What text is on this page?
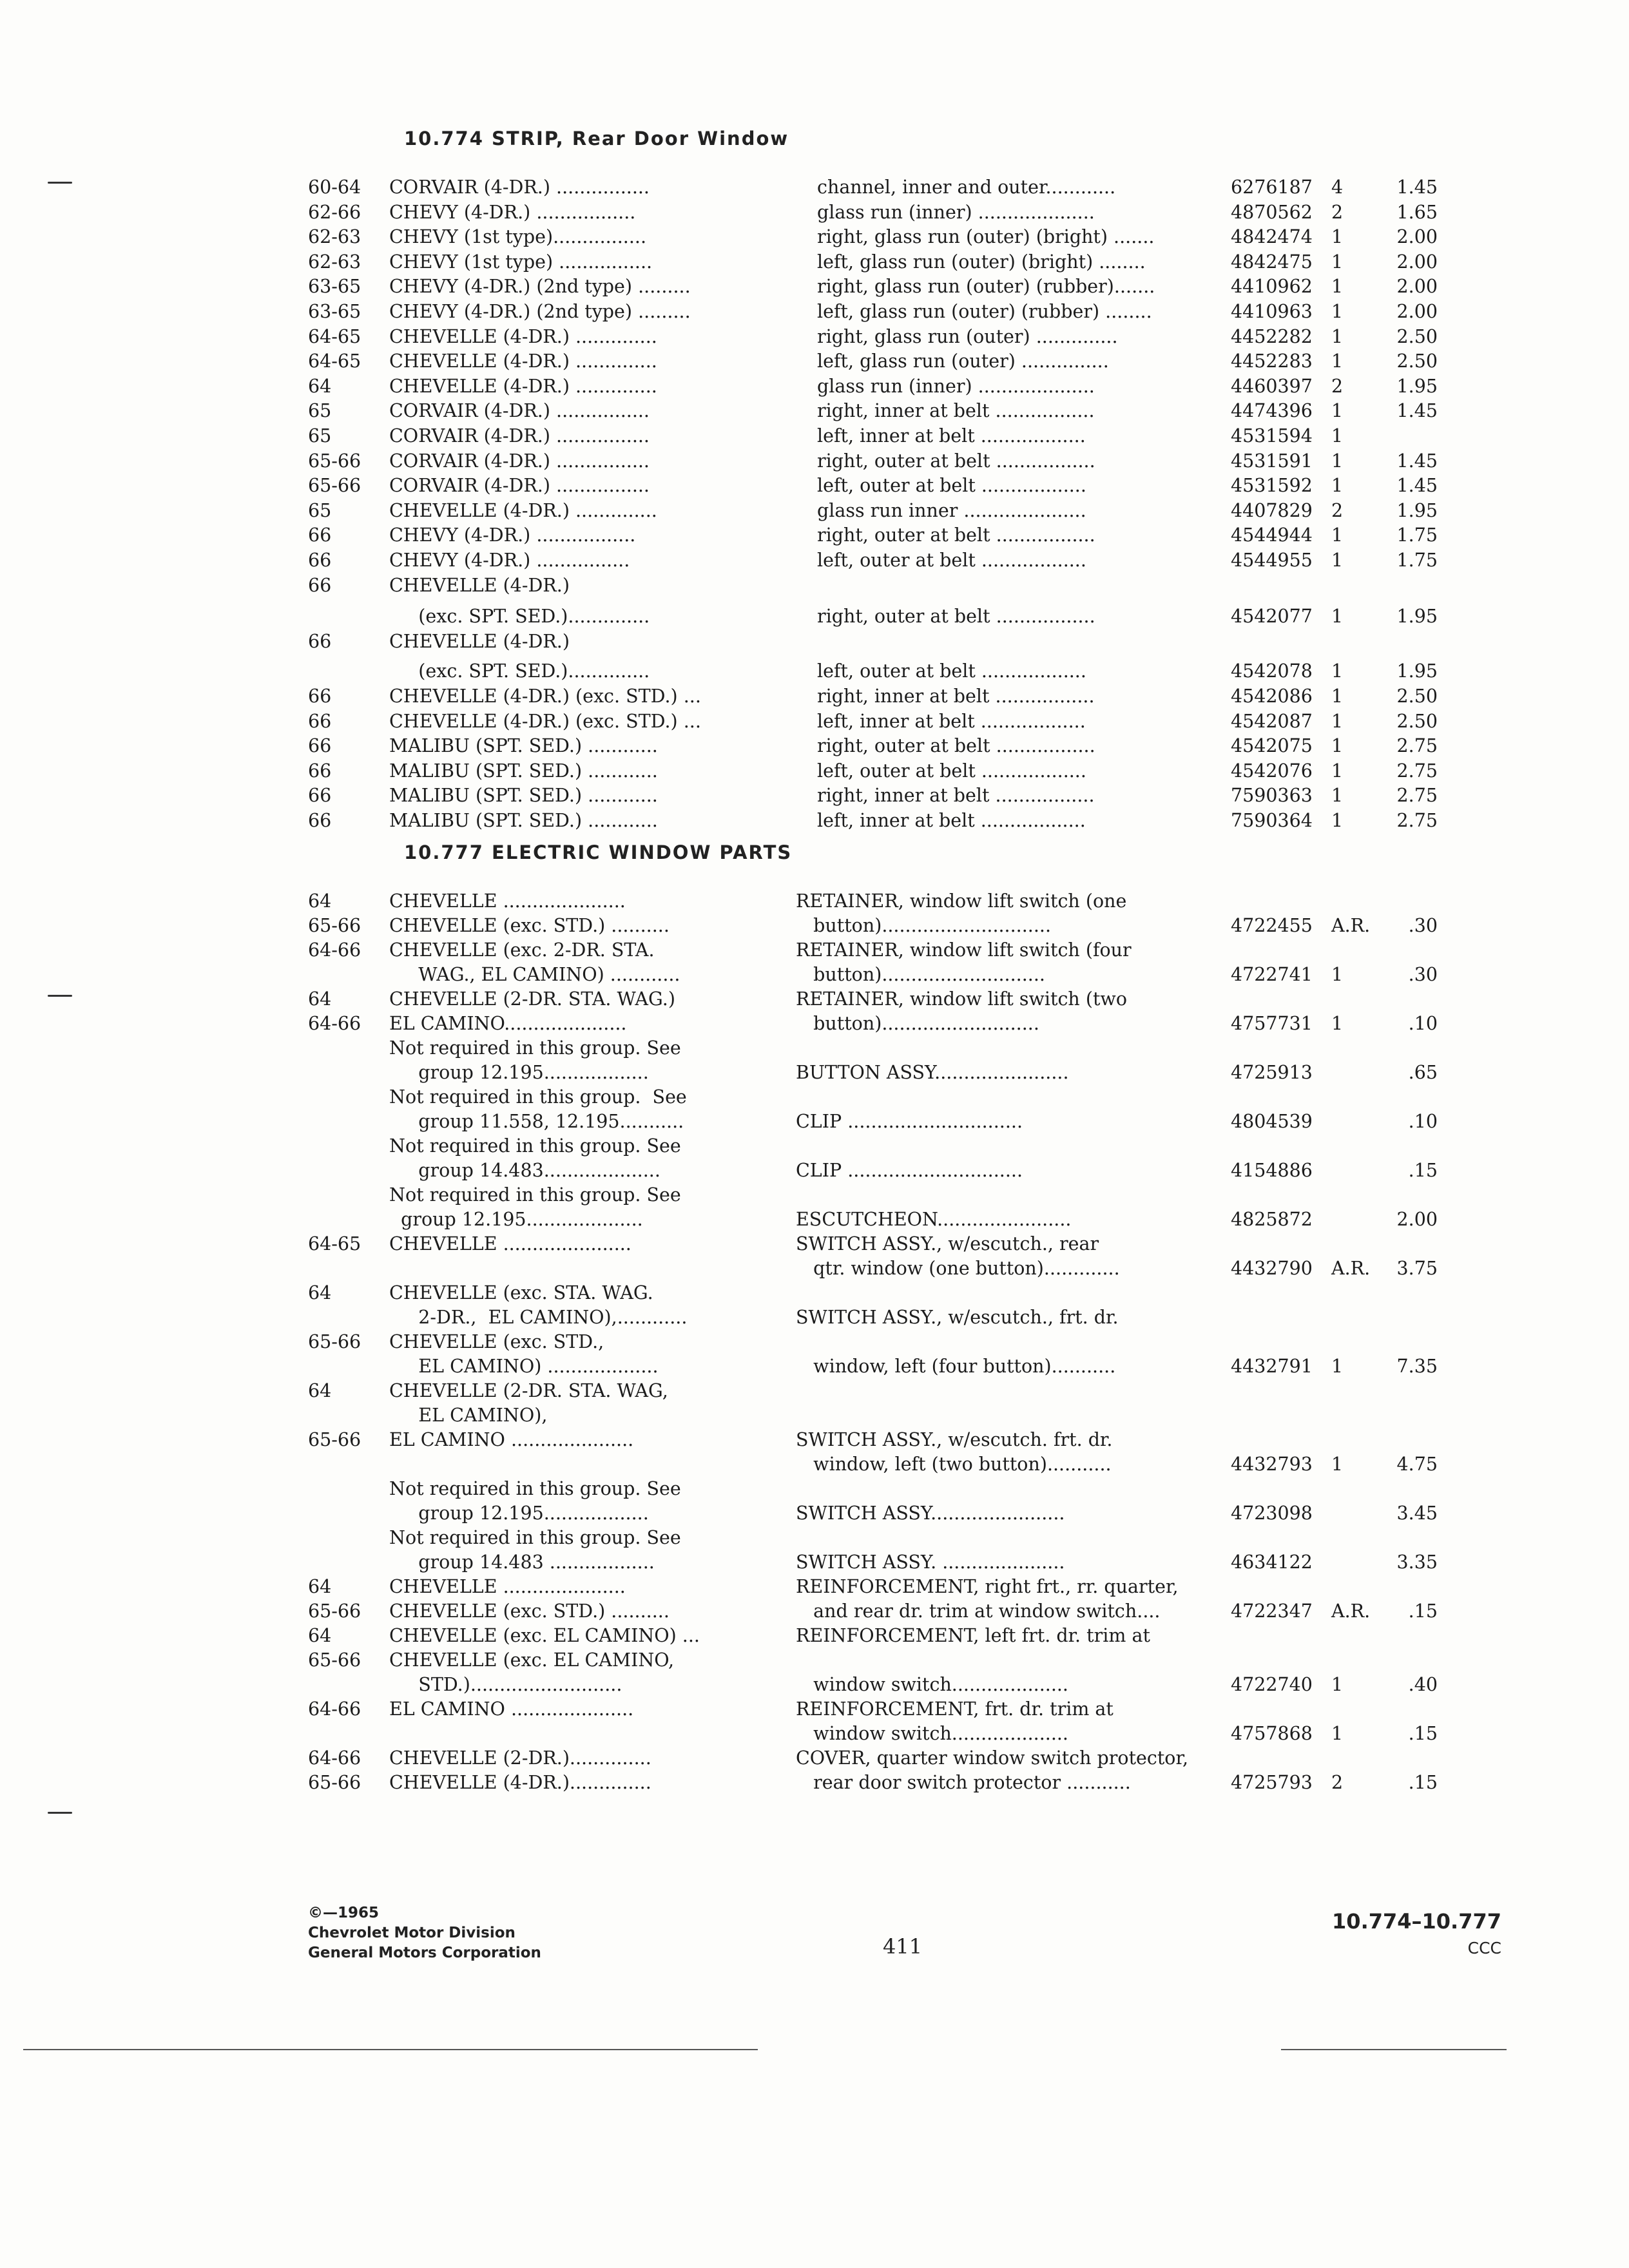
10.774 STRIP, Rear Door Window
60-64 CORVAIR (4-DR.) ................	channel, inner and outer............	6276187 4	1.45
62-66 CHEVY (4-DR.) .................	glass run (inner) ....................	4870562 2	1.65
62-63 CHEVY (1st type)................	right, glass run (outer) (bright) .......	4842474 1	2.00
62-63 CHEVY (1st type) ................	left, glass run (outer) (bright) ........	4842475 1	2.00
63-65 CHEVY (4-DR.) (2nd type) .........	right, glass run (outer) (rubber).......	4410962 1	2.00
63-65 CHEVY (4-DR.) (2nd type) .........	left, glass run (outer) (rubber) ........	4410963 1	2.00
64-65 CHEVELLE (4-DR.) ..............	right, glass run (outer) ..............	4452282 1	2.50
64-65 CHEVELLE (4-DR.) ..............	left, glass run (outer) ...............	4452283 1	2.50
64	CHEVELLE (4-DR.) ..............	glass run (inner) ....................	4460397 2	1.95
65	CORVAIR (4-DR.) ................	right, inner at belt .................	4474396 1	1.45
65	CORVAIR (4-DR.) ................	left, inner at belt ..................	4531594 1
65-66 CORVAIR (4-DR.) ................	right, outer at belt .................	4531591 1	1.45
65-66 CORVAIR (4-DR.) ................	left, outer at belt ..................	4531592 1	1.45
65	CHEVELLE (4-DR.) ..............	glass run inner .....................	4407829 2	1.95
66	CHEVY (4-DR.) .................	right, outer at belt .................	4544944 1	1.75
66	CHEVY (4-DR.) ................	left, outer at belt ..................	4544955 1	1.75
66	CHEVELLE (4-DR.)
(exc. SPT. SED.)..............	right, outer at belt .................	4542077 1	1.95
66	CHEVELLE (4-DR.)
(exc. SPT. SED.)..............	left, outer at belt ..................	4542078 1	1.95
66	CHEVELLE (4-DR.) (exc. STD.) ...	right, inner at belt .................	4542086 1	2.50
66	CHEVELLE (4-DR.) (exc. STD.) ...	left, inner at belt ..................	4542087 1	2.50
66	MALIBU (SPT. SED.) ............	right, outer at belt .................	4542075 1	2.75
66	MALIBU (SPT. SED.) ............	left, outer at belt ..................	4542076 1	2.75
66	MALIBU (SPT. SED.) ............	right, inner at belt .................	7590363 1	2.75
66	MALIBU (SPT. SED.) ............	left, inner at belt ..................	7590364 1	2.75
10.777 ELECTRIC WINDOW PARTS
64	CHEVELLE .....................	RETAINER, window lift switch (one
65-66 CHEVELLE (exc. STD.) ..........	button).............................	4722455 A.R. .30
64-66 CHEVELLE (exc. 2-DR. STA.	RETAINER, window lift switch (four
WAG., EL CAMINO) ............	button)............................	4722741 1	.30
64	CHEVELLE (2-DR. STA. WAG.)	RETAINER, window lift switch (two
64-66 EL CAMINO.....................	button)...........................	4757731 1	.10
Not required in this group. See
group 12.195..................	BUTTON ASSY.......................	4725913	.65
Not required in this group.  See
group 11.558, 12.195...........	CLIP ..............................	4804539	.10
Not required in this group. See
group 14.483....................	CLIP ..............................	4154886	.15
Not required in this group. See
group 12.195....................	ESCUTCHEON.......................	4825872	2.00
64-65 CHEVELLE ......................	SWITCH ASSY., w/escutch., rear
qtr. window (one button).............	4432790 A.R. 3.75
64	CHEVELLE (exc. STA. WAG.
2-DR.,  EL CAMINO),............	SWITCH ASSY., w/escutch., frt. dr.
65-66 CHEVELLE (exc. STD.,
EL CAMINO) ...................	window, left (four button)...........	4432791 1	7.35
64	CHEVELLE (2-DR. STA. WAG,
EL CAMINO),
65-66 EL CAMINO .....................	SWITCH ASSY., w/escutch. frt. dr.
window, left (two button)...........	4432793 1	4.75
Not required in this group. See
group 12.195..................	SWITCH ASSY.......................	4723098	3.45
Not required in this group. See
group 14.483 ..................	SWITCH ASSY. .....................	4634122	3.35
64	CHEVELLE .....................	REINFORCEMENT, right frt., rr. quarter,
65-66 CHEVELLE (exc. STD.) ..........	and rear dr. trim at window switch....	4722347 A.R. .15
64	CHEVELLE (exc. EL CAMINO) ...	REINFORCEMENT, left frt. dr. trim at
65-66 CHEVELLE (exc. EL CAMINO,
STD.)..........................	window switch....................	4722740 1	.40
64-66 EL CAMINO .....................	REINFORCEMENT, frt. dr. trim at
window switch....................	4757868 1	.15
64-66 CHEVELLE (2-DR.)..............	COVER, quarter window switch protector,
65-66 CHEVELLE (4-DR.)..............	rear door switch protector ...........	4725793 2	.15
©—1965
Chevrolet Motor Division
General Motors Corporation	411
10.774–10.777
CCC
